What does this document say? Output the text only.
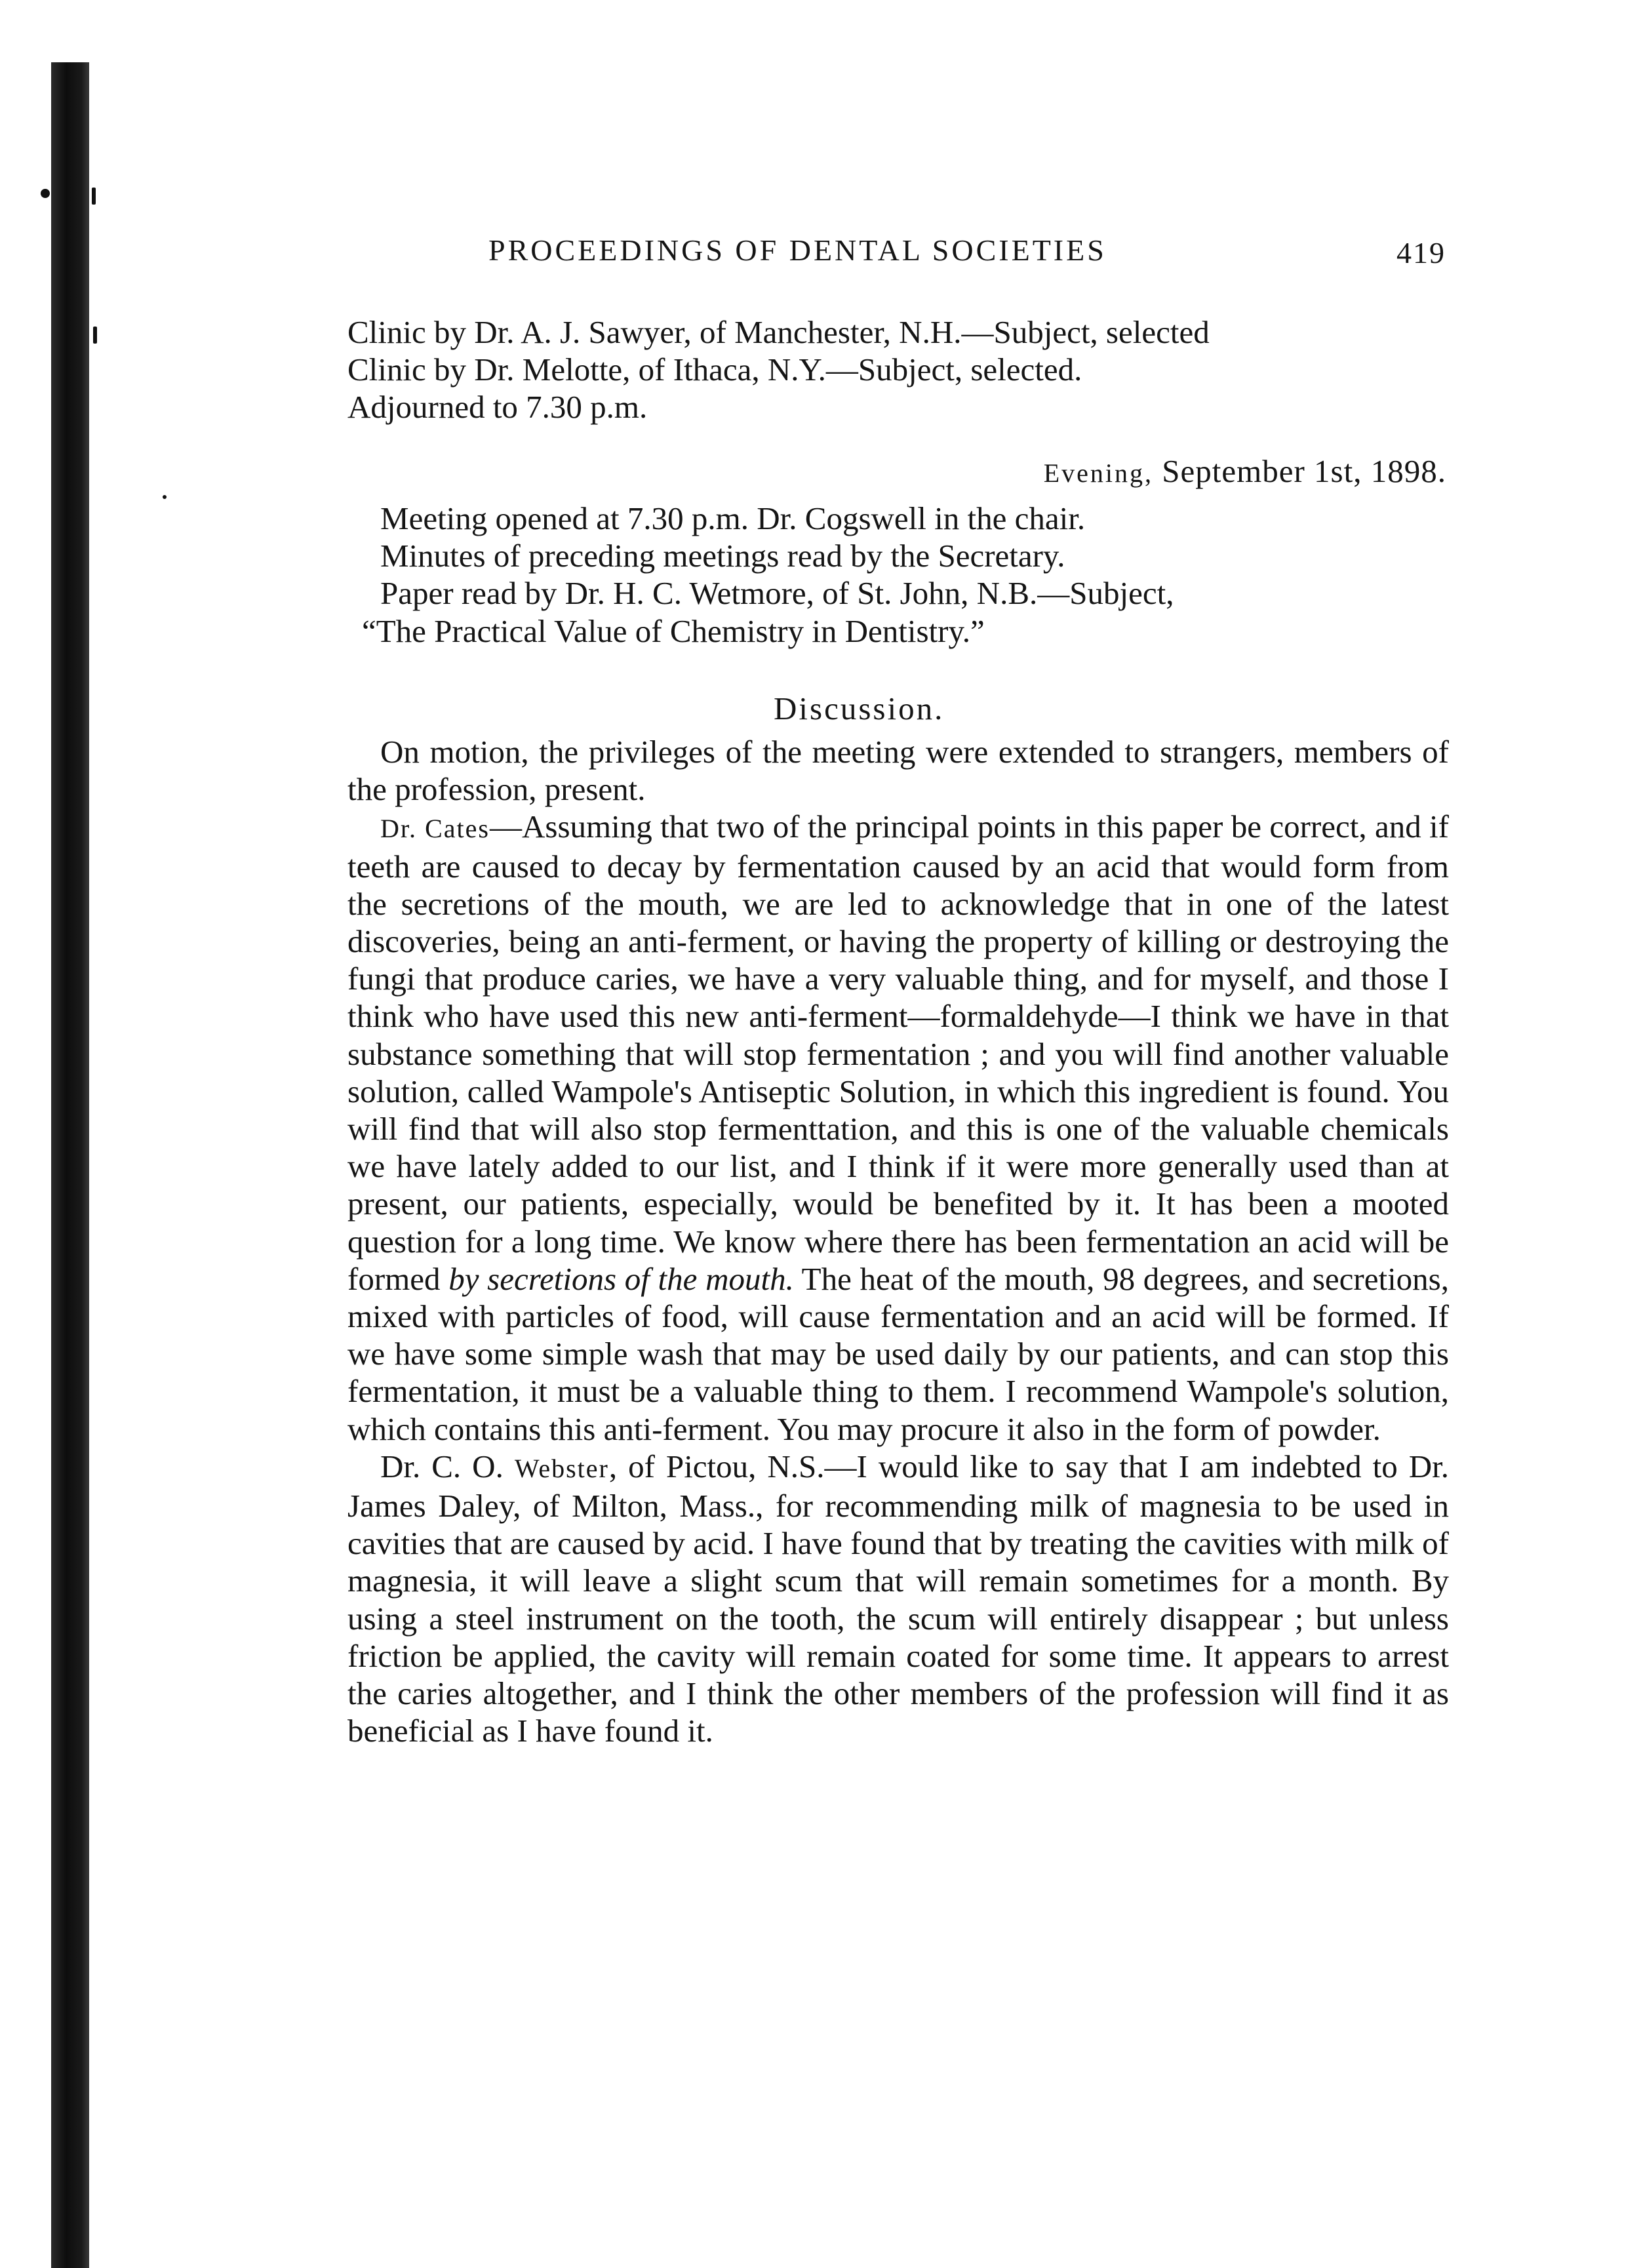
PROCEEDINGS OF DENTAL SOCIETIES	419
Clinic by Dr. A. J. Sawyer, of Manchester, N.H.—Subject, selected
Clinic by Dr. Melotte, of Ithaca, N.Y.—Subject, selected.
Adjourned to 7.30 p.m.
Evening, September 1st, 1898.
Meeting opened at 7.30 p.m. Dr. Cogswell in the chair.
Minutes of preceding meetings read by the Secretary.
Paper read by Dr. H. C. Wetmore, of St. John, N.B.—Subject,
“The Practical Value of Chemistry in Dentistry.”
Discussion.

On motion, the privileges of the meeting were extended to strangers, members of the profession, present.

Dr. Cates—Assuming that two of the principal points in this paper be correct, and if teeth are caused to decay by fermentation caused by an acid that would form from the secretions of the mouth, we are led to acknowledge that in one of the latest discoveries, being an anti-ferment, or having the property of killing or destroying the fungi that produce caries, we have a very valuable thing, and for myself, and those I think who have used this new anti-ferment—formaldehyde—I think we have in that substance something that will stop fermentation ; and you will find another valuable solution, called Wampole's Antiseptic Solution, in which this ingredient is found. You will find that will also stop fermenttation, and this is one of the valuable chemicals we have lately added to our list, and I think if it were more generally used than at present, our patients, especially, would be benefited by it. It has been a mooted question for a long time. We know where there has been fermentation an acid will be formed by secretions of the mouth. The heat of the mouth, 98 degrees, and secretions, mixed with particles of food, will cause fermentation and an acid will be formed. If we have some simple wash that may be used daily by our patients, and can stop this fermentation, it must be a valuable thing to them. I recommend Wampole's solution, which contains this anti-ferment. You may procure it also in the form of powder.

Dr. C. O. Webster, of Pictou, N.S.—I would like to say that I am indebted to Dr. James Daley, of Milton, Mass., for recommending milk of magnesia to be used in cavities that are caused by acid. I have found that by treating the cavities with milk of magnesia, it will leave a slight scum that will remain sometimes for a month. By using a steel instrument on the tooth, the scum will entirely disappear ; but unless friction be applied, the cavity will remain coated for some time. It appears to arrest the caries altogether, and I think the other members of the profession will find it as beneficial as I have found it.
